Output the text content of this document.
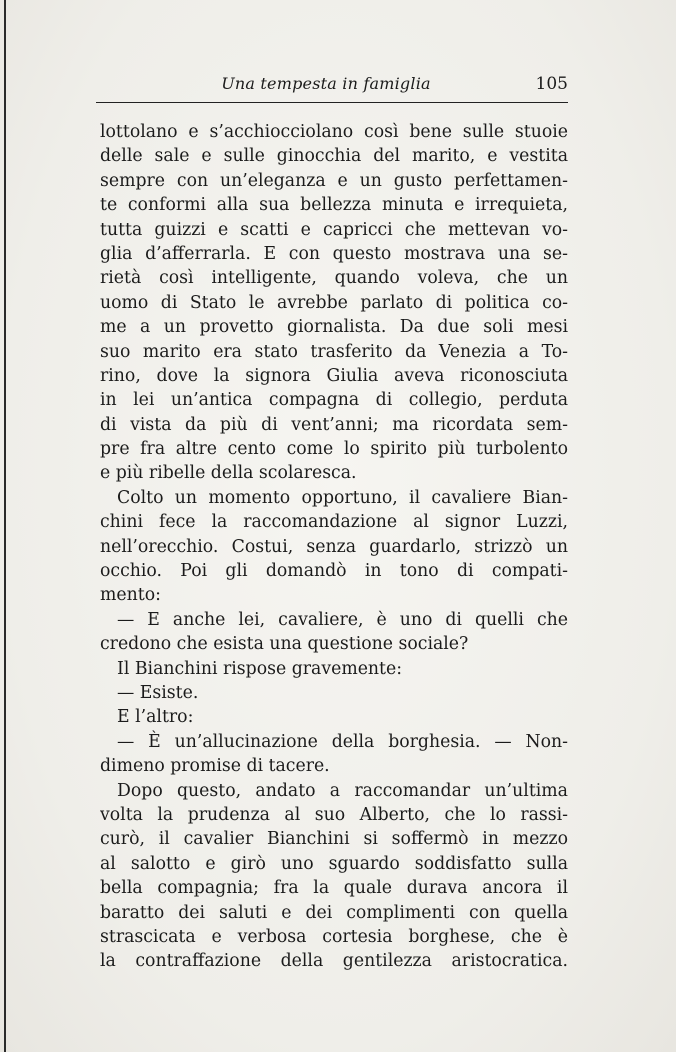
Una tempesta in famiglia	105
lottolano e s’acchiocciolano così bene sulle stuoie
delle sale e sulle ginocchia del marito, e vestita
sempre con un’eleganza e un gusto perfettamen-
te conformi alla sua bellezza minuta e irrequieta,
tutta guizzi e scatti e capricci che mettevan vo-
glia d’afferrarla. E con questo mostrava una se-
rietà così intelligente, quando voleva, che un
uomo di Stato le avrebbe parlato di politica co-
me a un provetto giornalista. Da due soli mesi
suo marito era stato trasferito da Venezia a To-
rino, dove la signora Giulia aveva riconosciuta
in lei un’antica compagna di collegio, perduta
di vista da più di vent’anni; ma ricordata sem-
pre fra altre cento come lo spirito più turbolento
e più ribelle della scolaresca.
Colto un momento opportuno, il cavaliere Bian-
chini fece la raccomandazione al signor Luzzi,
nell’orecchio. Costui, senza guardarlo, strizzò un
occhio. Poi gli domandò in tono di compati-
mento:
— E anche lei, cavaliere, è uno di quelli che
credono che esista una questione sociale?
Il Bianchini rispose gravemente:
— Esiste.
E l’altro:
— È un’allucinazione della borghesia. — Non-
dimeno promise di tacere.
Dopo questo, andato a raccomandar un’ultima
volta la prudenza al suo Alberto, che lo rassi-
curò, il cavalier Bianchini si soffermò in mezzo
al salotto e girò uno sguardo soddisfatto sulla
bella compagnia; fra la quale durava ancora il
baratto dei saluti e dei complimenti con quella
strascicata e verbosa cortesia borghese, che è
la contraffazione della gentilezza aristocratica.
